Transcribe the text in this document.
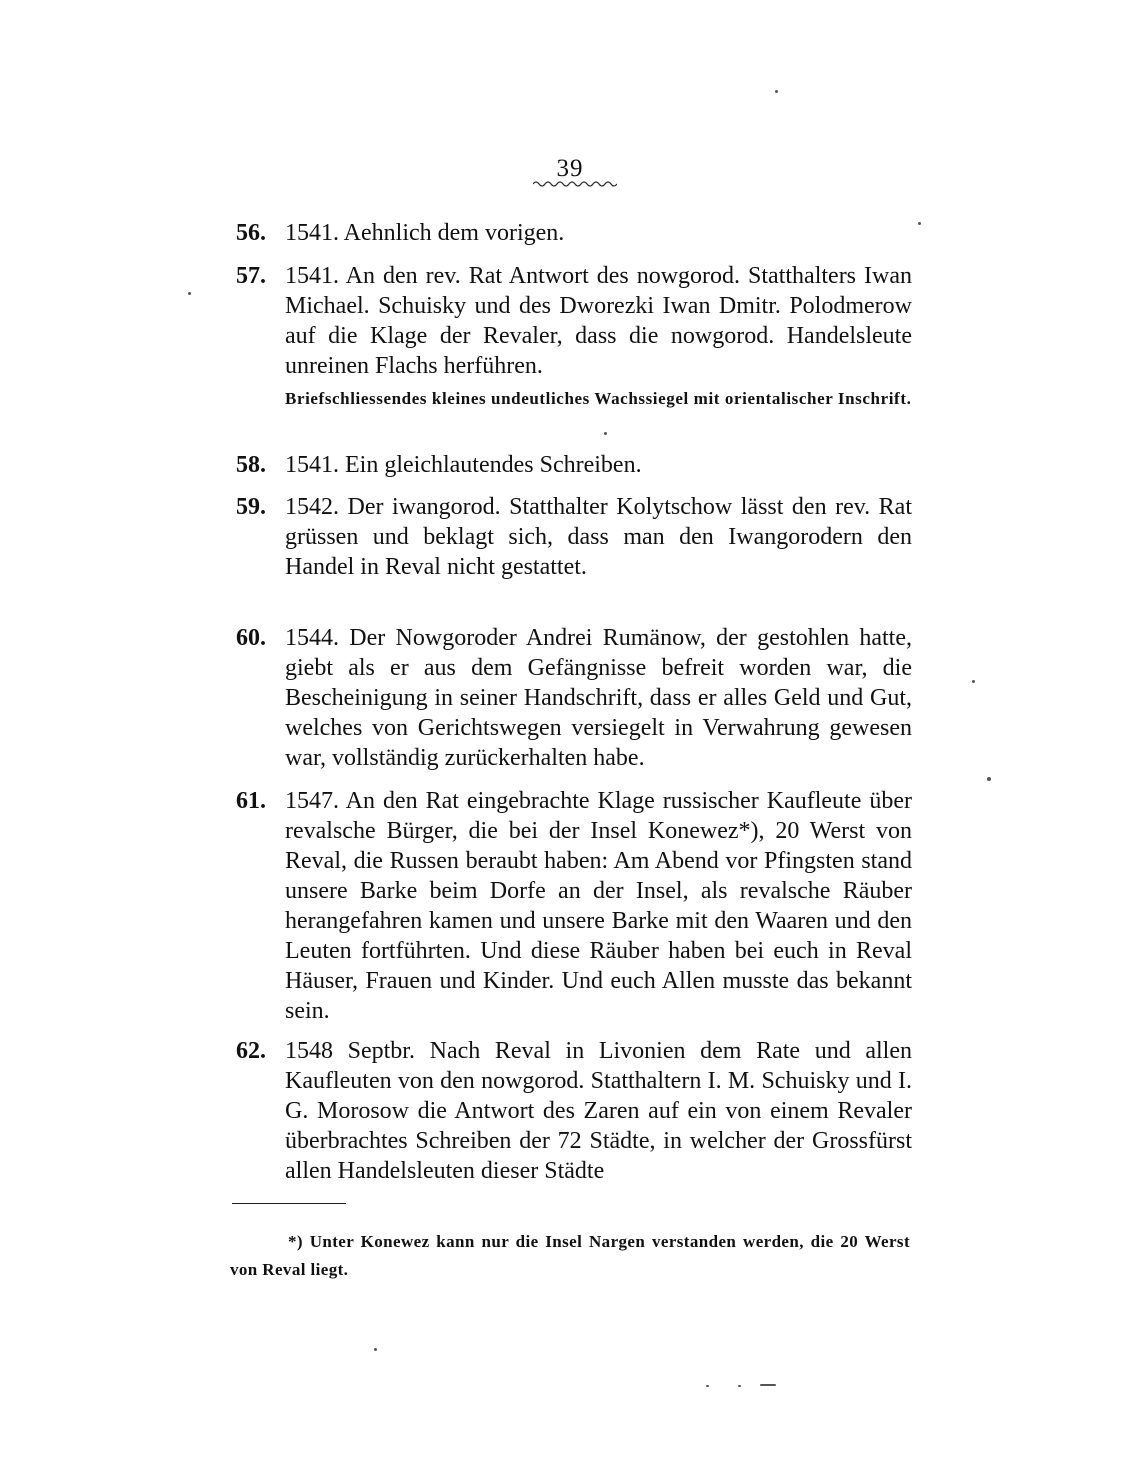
39
56. 1541. Aehnlich dem vorigen.
57. 1541. An den rev. Rat Antwort des nowgorod. Statthalters Iwan Michael. Schuisky und des Dworezki Iwan Dmitr. Polodmerow auf die Klage der Revaler, dass die nowgorod. Handelsleute unreinen Flachs herführen.
Briefschliessendes kleines undeutliches Wachssiegel mit orientalischer Inschrift.
58. 1541. Ein gleichlautendes Schreiben.
59. 1542. Der iwangorod. Statthalter Kolytschow lässt den rev. Rat grüssen und beklagt sich, dass man den Iwangorodern den Handel in Reval nicht gestattet.
60. 1544. Der Nowgoroder Andrei Rumänow, der gestohlen hatte, giebt als er aus dem Gefängnisse befreit worden war, die Bescheinigung in seiner Handschrift, dass er alles Geld und Gut, welches von Gerichtswegen versiegelt in Verwahrung gewesen war, vollständig zurückerhalten habe.
61. 1547. An den Rat eingebrachte Klage russischer Kaufleute über revalsche Bürger, die bei der Insel Konewez*), 20 Werst von Reval, die Russen beraubt haben: Am Abend vor Pfingsten stand unsere Barke beim Dorfe an der Insel, als revalsche Räuber herangefahren kamen und unsere Barke mit den Waaren und den Leuten fortführten. Und diese Räuber haben bei euch in Reval Häuser, Frauen und Kinder. Und euch Allen musste das bekannt sein.
62. 1548 Septbr. Nach Reval in Livonien dem Rate und allen Kaufleuten von den nowgorod. Statthaltern I. M. Schuisky und I. G. Morosow die Antwort des Zaren auf ein von einem Revaler überbrachtes Schreiben der 72 Städte, in welcher der Grossfürst allen Handelsleuten dieser Städte
*) Unter Konewez kann nur die Insel Nargen verstanden werden, die 20 Werst von Reval liegt.
